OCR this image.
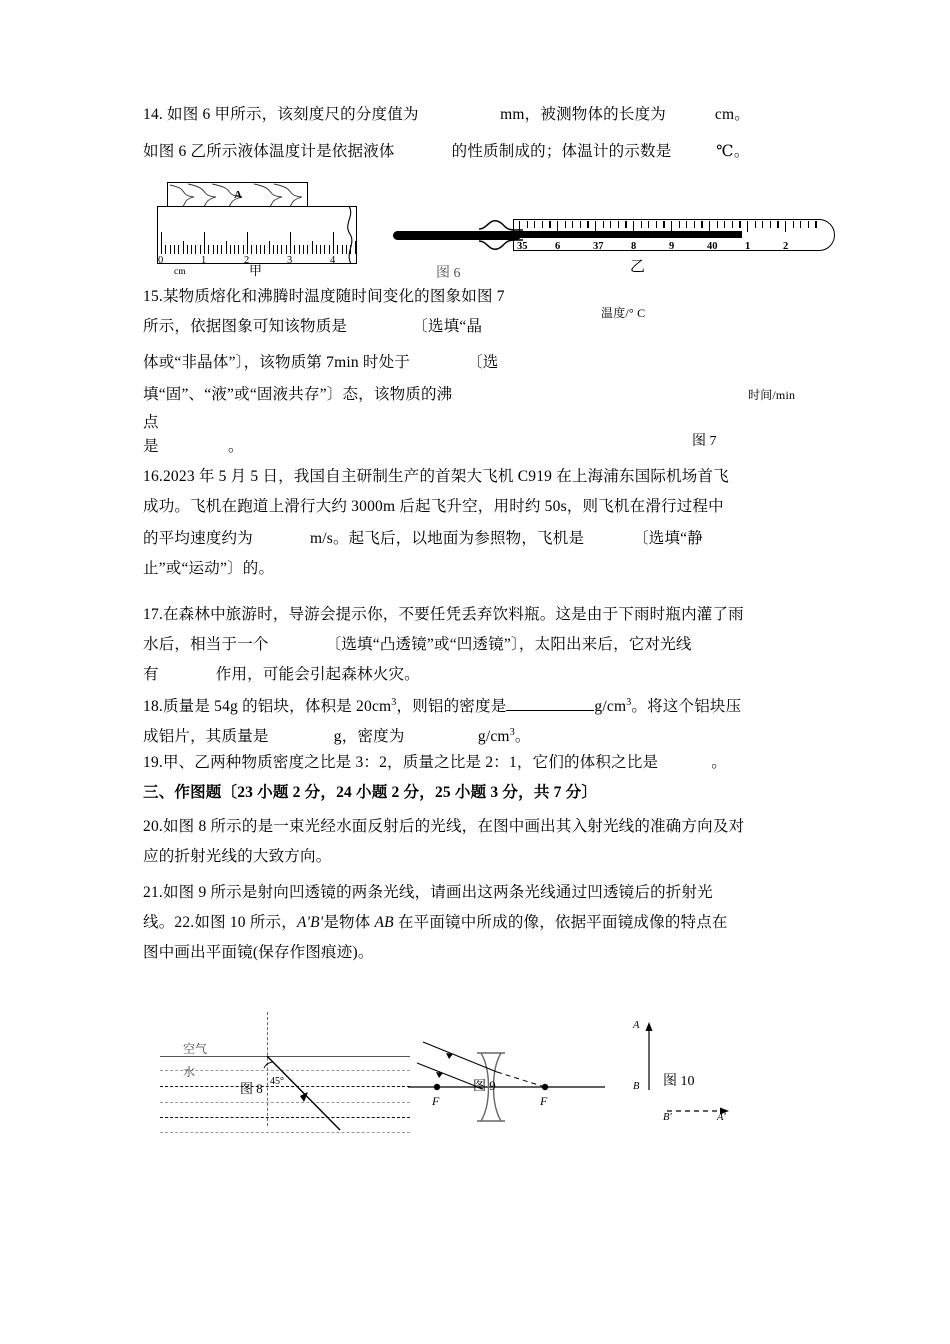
14. 如图 6 甲所示，该刻度尺的分度值为                    mm，被测物体的长度为            cm。
如图 6 乙所示液体温度计是依据液体              的性质制成的；体温计的示数是           ℃。
A
0	1	2	3	4
cm	甲	图 6
35	6	37	8	9	40	1	2
乙
15.某物质熔化和沸腾时温度随时间变化的图象如图 7
所示，依据图象可知该物质是                〔选填“晶
体或“非晶体”〕，该物质第 7min 时处于              〔选
填“固”、“液”或“固液共存”〕态，该物质的沸
点
是                 。
温度/° C
时间/min
图 7
16.2023 年 5 月 5 日，我国自主研制生产的首架大飞机 C919 在上海浦东国际机场首飞
成功。飞机在跑道上滑行大约 3000m 后起飞升空，用时约 50s，则飞机在滑行过程中
的平均速度约为              m/s。起飞后，以地面为参照物，飞机是            〔选填“静
止”或“运动”〕的。
17.在森林中旅游时，导游会提示你，不要任凭丢弃饮料瓶。这是由于下雨时瓶内灌了雨
水后，相当于一个              〔选填“凸透镜”或“凹透镜”〕，太阳出来后，它对光线
有              作用，可能会引起森林火灾。
18.质量是 54g 的铝块，体积是 $20cm^3$，则铝的密度是	$g/cm^3$。将这个铝块压
成铝片，其质量是                g，密度为                  $g/cm^3$。
19.甲、乙两种物质密度之比是 3：2，质量之比是 2：1，它们的体积之比是             。
三、作图题〔23 小题 2 分，24 小题 2 分，25 小题 3 分，共 7 分〕
20.如图 8 所示的是一束光经水面反射后的光线，在图中画出其入射光线的准确方向及对
应的折射光线的大致方向。
21.如图 9 所示是射向凹透镜的两条光线，请画出这两条光线通过凹透镜后的折射光
线。22.如图 10 所示，A'B'是物体 AB 在平面镜中所成的像，依据平面镜成像的特点在
图中画出平面镜(保存作图痕迹)。
空气
水
45°
图 8
F	F
图 9
A
B
B'	A'
图 10
